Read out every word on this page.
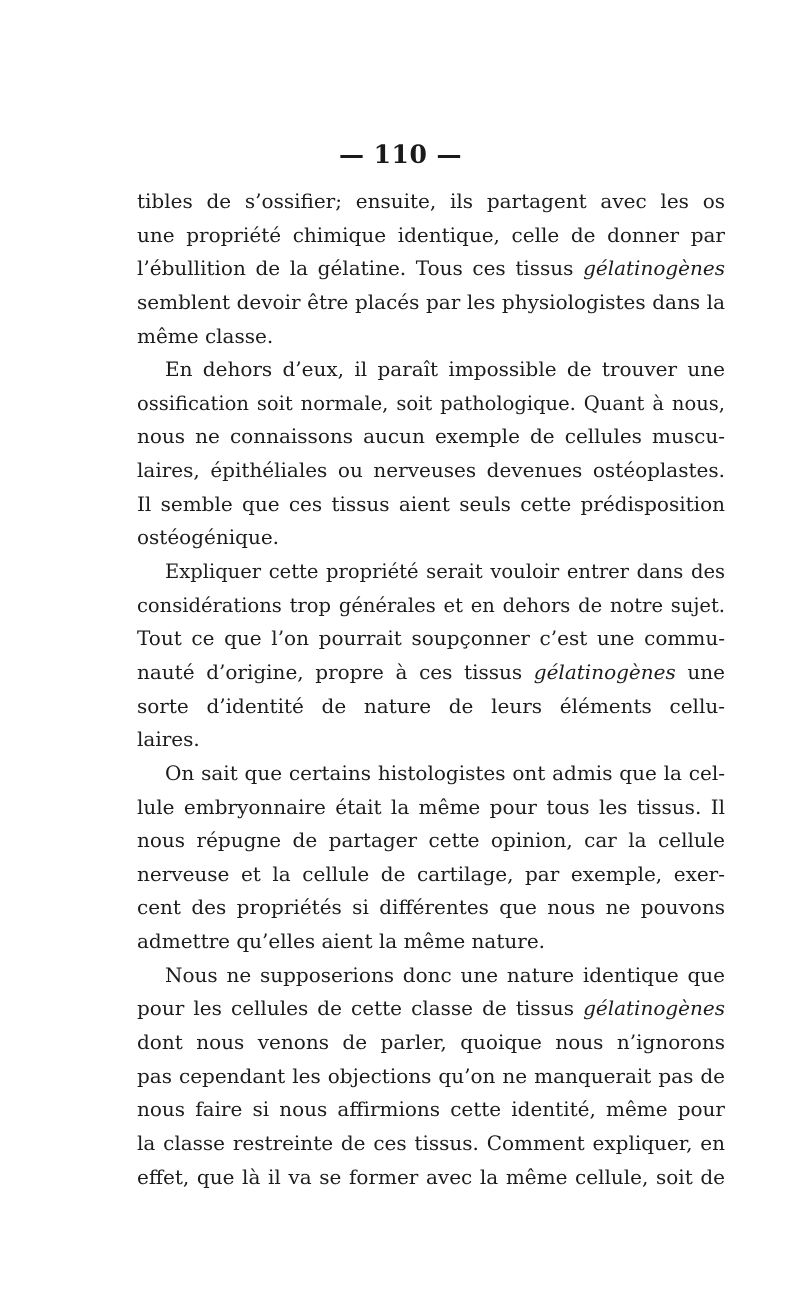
— 110 —
tibles de s’ossifier; ensuite, ils partagent avec les os
une propriété chimique identique, celle de donner par
l’ébullition de la gélatine. Tous ces tissus gélatinogènes
semblent devoir être placés par les physiologistes dans la
même classe.
En dehors d’eux, il paraît impossible de trouver une
ossification soit normale, soit pathologique. Quant à nous,
nous ne connaissons aucun exemple de cellules muscu-
laires, épithéliales ou nerveuses devenues ostéoplastes.
Il semble que ces tissus aient seuls cette prédisposition
ostéogénique.
Expliquer cette propriété serait vouloir entrer dans des
considérations trop générales et en dehors de notre sujet.
Tout ce que l’on pourrait soupçonner c’est une commu-
nauté d’origine, propre à ces tissus gélatinogènes une
sorte d’identité de nature de leurs éléments cellu-
laires.
On sait que certains histologistes ont admis que la cel-
lule embryonnaire était la même pour tous les tissus. Il
nous répugne de partager cette opinion, car la cellule
nerveuse et la cellule de cartilage, par exemple, exer-
cent des propriétés si différentes que nous ne pouvons
admettre qu’elles aient la même nature.
Nous ne supposerions donc une nature identique que
pour les cellules de cette classe de tissus gélatinogènes
dont nous venons de parler, quoique nous n’ignorons
pas cependant les objections qu’on ne manquerait pas de
nous faire si nous affirmions cette identité, même pour
la classe restreinte de ces tissus. Comment expliquer, en
effet, que là il va se former avec la même cellule, soit de
